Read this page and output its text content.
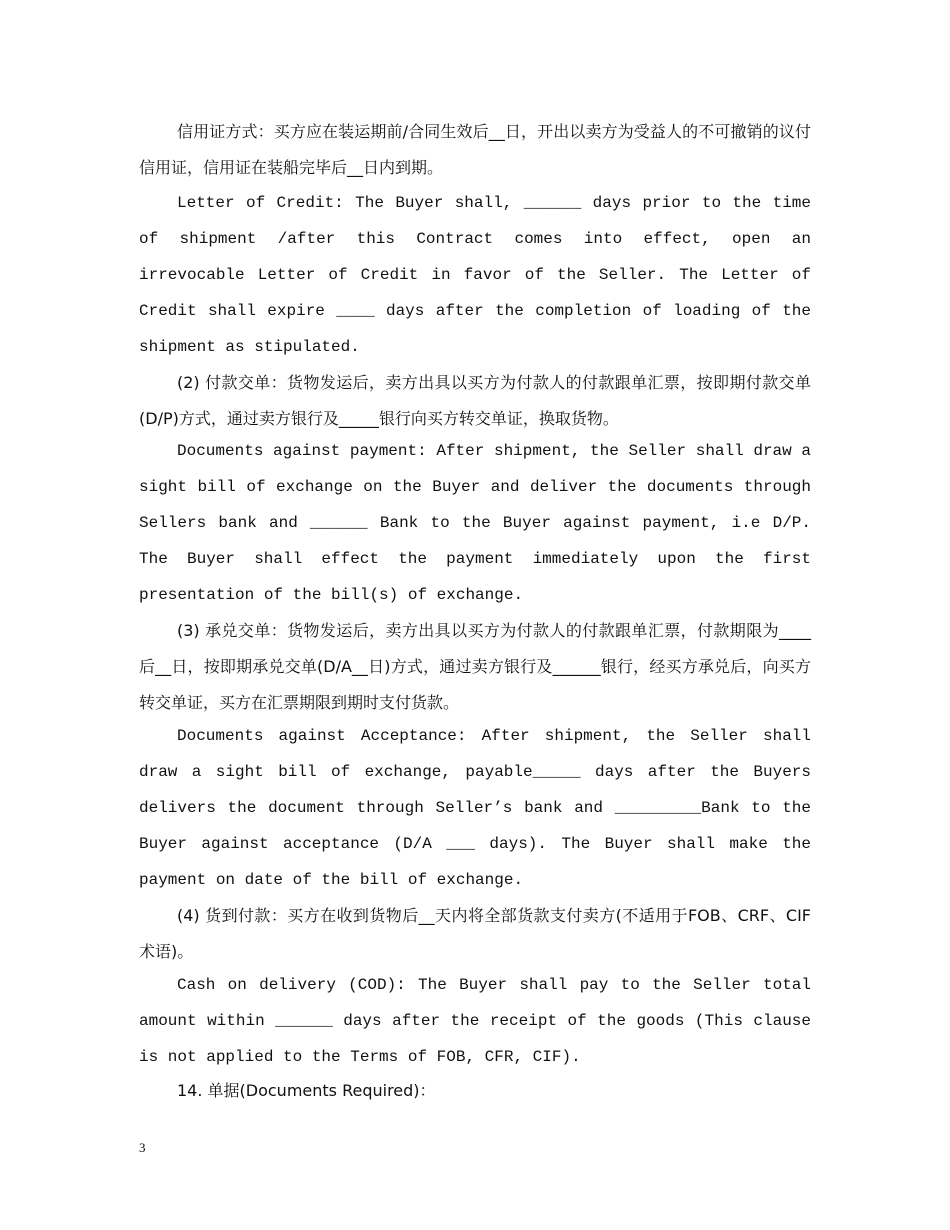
信用证方式：买方应在装运期前/合同生效后__日，开出以卖方为受益人的不可撤销的议付信用证，信用证在装船完毕后__日内到期。

Letter of Credit: The Buyer shall, ______ days prior to the time of shipment /after this Contract comes into effect, open an irrevocable Letter of Credit in favor of the Seller. The Letter of Credit shall expire ____ days after the completion of loading of the shipment as stipulated.

(2) 付款交单：货物发运后，卖方出具以买方为付款人的付款跟单汇票，按即期付款交单(D/P)方式，通过卖方银行及_____银行向买方转交单证，换取货物。

Documents against payment: After shipment, the Seller shall draw a sight bill of exchange on the Buyer and deliver the documents through Sellers bank and ______ Bank to the Buyer against payment, i.e D/P. The Buyer shall effect the payment immediately upon the first presentation of the bill(s) of exchange.

(3) 承兑交单：货物发运后，卖方出具以买方为付款人的付款跟单汇票，付款期限为____后__日，按即期承兑交单(D/A__日)方式，通过卖方银行及______银行，经买方承兑后，向买方转交单证，买方在汇票期限到期时支付货款。

Documents against Acceptance: After shipment, the Seller shall draw a sight bill of exchange, payable_____ days after the Buyers delivers the document through Seller’s bank and _________Bank to the Buyer against acceptance (D/A ___ days). The Buyer shall make the payment on date of the bill of exchange.

(4) 货到付款：买方在收到货物后__天内将全部货款支付卖方(不适用于FOB、CRF、CIF术语)。

Cash on delivery (COD): The Buyer shall pay to the Seller total amount within ______ days after the receipt of the goods (This clause is not applied to the Terms of FOB, CFR, CIF).

14. 单据(Documents Required)：

3
